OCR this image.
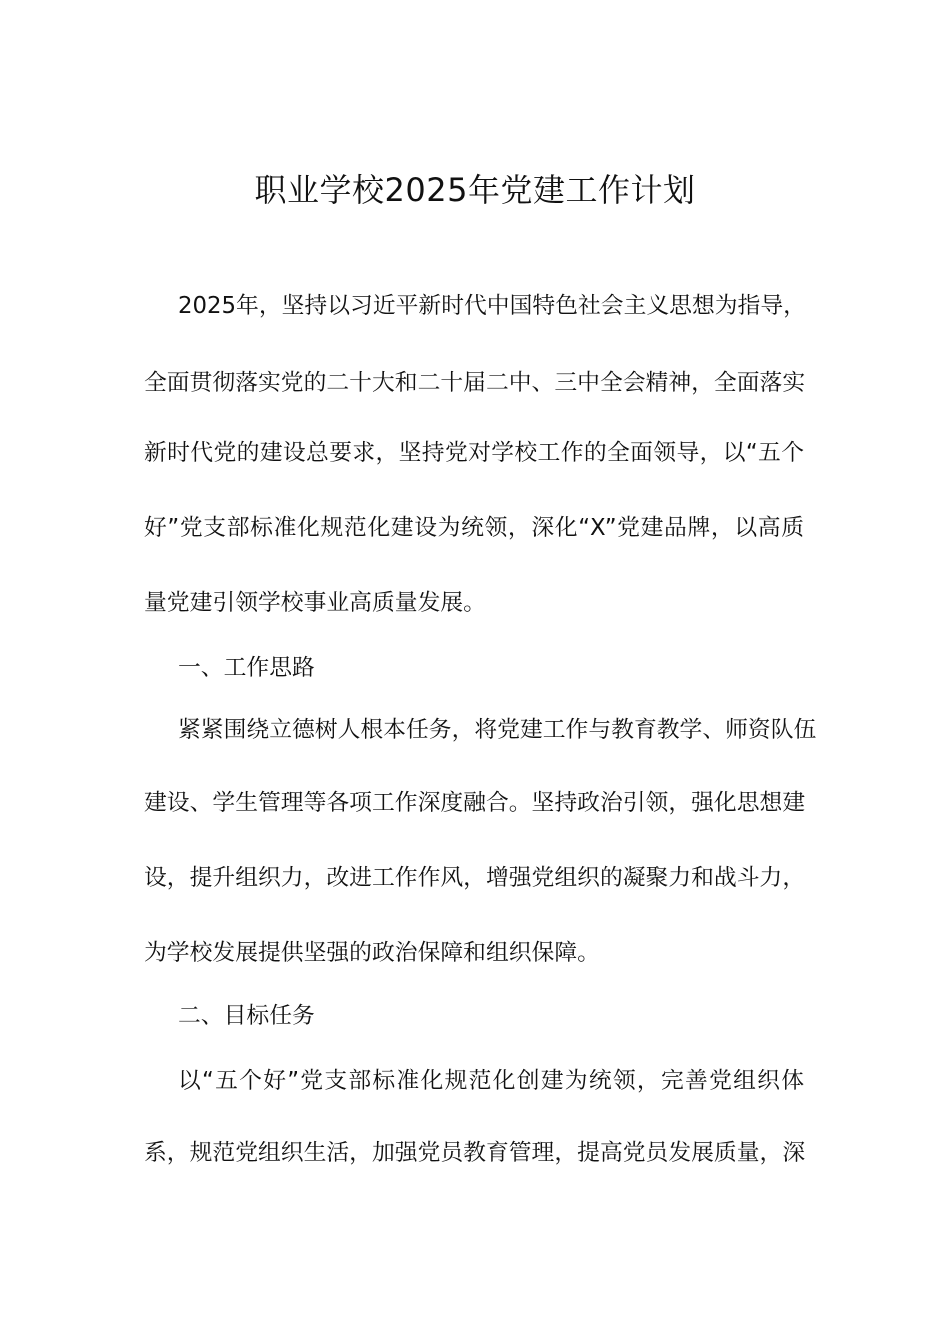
职业学校2025年党建工作计划
2025年，坚持以习近平新时代中国特色社会主义思想为指导，
全面贯彻落实党的二十大和二十届二中、三中全会精神，全面落实
新时代党的建设总要求，坚持党对学校工作的全面领导，以“五个
好”党支部标准化规范化建设为统领，深化“X”党建品牌，以高质
量党建引领学校事业高质量发展。
一、工作思路
紧紧围绕立德树人根本任务，将党建工作与教育教学、师资队伍
建设、学生管理等各项工作深度融合。坚持政治引领，强化思想建
设，提升组织力，改进工作作风，增强党组织的凝聚力和战斗力，
为学校发展提供坚强的政治保障和组织保障。
二、目标任务
以“五个好”党支部标准化规范化创建为统领，完善党组织体
系，规范党组织生活，加强党员教育管理，提高党员发展质量，深
